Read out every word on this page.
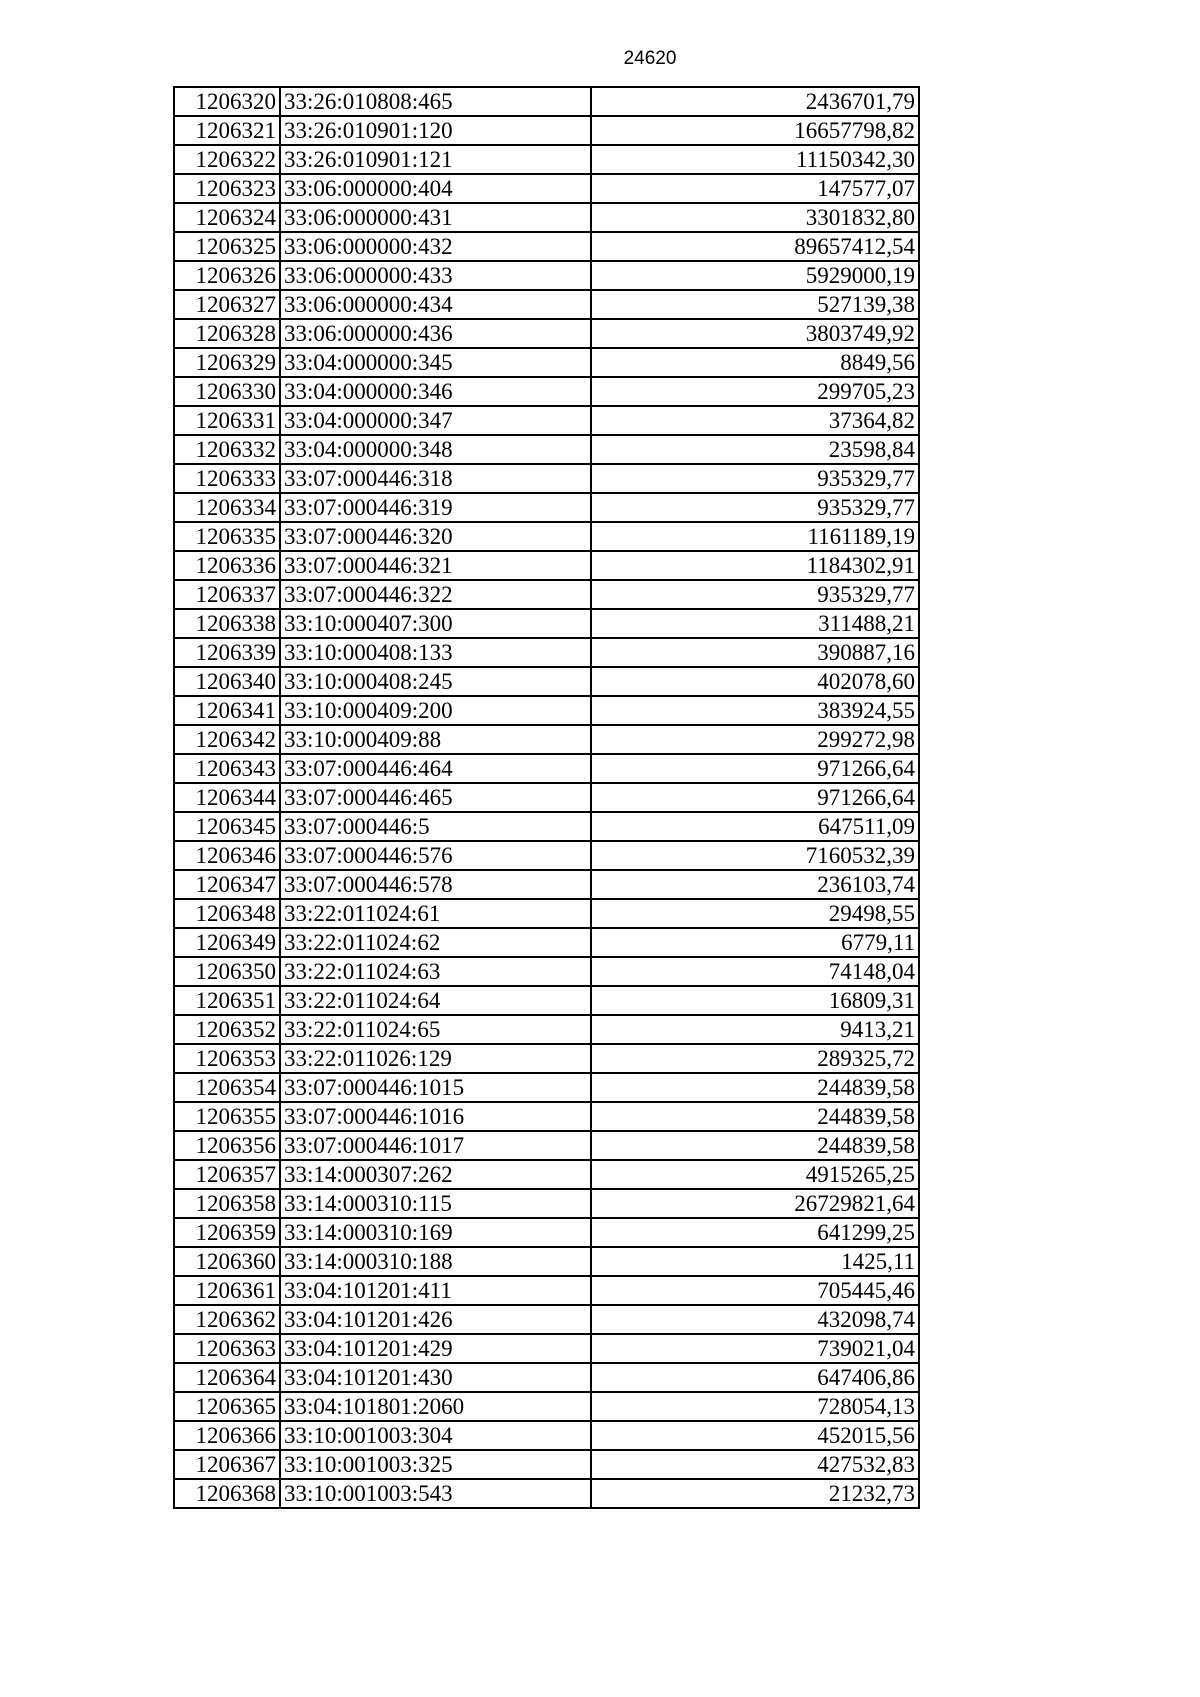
24620
1206320	33:26:010808:465	2436701,79
1206321	33:26:010901:120	16657798,82
1206322	33:26:010901:121	11150342,30
1206323	33:06:000000:404	147577,07
1206324	33:06:000000:431	3301832,80
1206325	33:06:000000:432	89657412,54
1206326	33:06:000000:433	5929000,19
1206327	33:06:000000:434	527139,38
1206328	33:06:000000:436	3803749,92
1206329	33:04:000000:345	8849,56
1206330	33:04:000000:346	299705,23
1206331	33:04:000000:347	37364,82
1206332	33:04:000000:348	23598,84
1206333	33:07:000446:318	935329,77
1206334	33:07:000446:319	935329,77
1206335	33:07:000446:320	1161189,19
1206336	33:07:000446:321	1184302,91
1206337	33:07:000446:322	935329,77
1206338	33:10:000407:300	311488,21
1206339	33:10:000408:133	390887,16
1206340	33:10:000408:245	402078,60
1206341	33:10:000409:200	383924,55
1206342	33:10:000409:88	299272,98
1206343	33:07:000446:464	971266,64
1206344	33:07:000446:465	971266,64
1206345	33:07:000446:5	647511,09
1206346	33:07:000446:576	7160532,39
1206347	33:07:000446:578	236103,74
1206348	33:22:011024:61	29498,55
1206349	33:22:011024:62	6779,11
1206350	33:22:011024:63	74148,04
1206351	33:22:011024:64	16809,31
1206352	33:22:011024:65	9413,21
1206353	33:22:011026:129	289325,72
1206354	33:07:000446:1015	244839,58
1206355	33:07:000446:1016	244839,58
1206356	33:07:000446:1017	244839,58
1206357	33:14:000307:262	4915265,25
1206358	33:14:000310:115	26729821,64
1206359	33:14:000310:169	641299,25
1206360	33:14:000310:188	1425,11
1206361	33:04:101201:411	705445,46
1206362	33:04:101201:426	432098,74
1206363	33:04:101201:429	739021,04
1206364	33:04:101201:430	647406,86
1206365	33:04:101801:2060	728054,13
1206366	33:10:001003:304	452015,56
1206367	33:10:001003:325	427532,83
1206368	33:10:001003:543	21232,73
